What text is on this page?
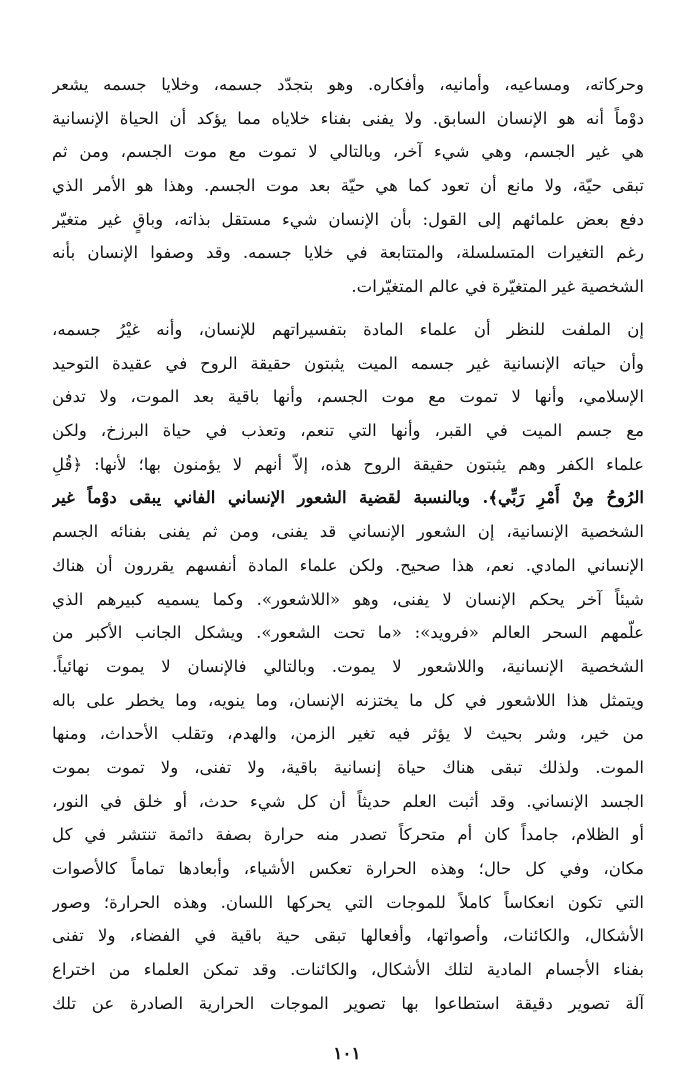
وحركاته، ومساعيه، وأمانيه، وأفكاره. وهو بتجدّد جسمه، وخلايا جسمه يشعر
دوْماً أنه هو الإنسان السابق. ولا يفنى بفناء خلاياه مما يؤكد أن الحياة الإنسانية
هي غير الجسم، وهي شيء آخر، وبالتالي لا تموت مع موت الجسم، ومن ثم
تبقى حيّة، ولا مانع أن تعود كما هي حيّة بعد موت الجسم. وهذا هو الأمر الذي
دفع بعض علمائهم إلى القول: بأن الإنسان شيء مستقل بذاته، وباقٍ غير متغيّر
رغم التغيرات المتسلسلة، والمتتابعة في خلايا جسمه. وقد وصفوا الإنسان بأنه
الشخصية غير المتغيّرة في عالم المتغيّرات.
إن الملفت للنظر أن علماء المادة بتفسيراتهم للإنسان، وأنه غيْرُ جسمه،
وأن حياته الإنسانية غير جسمه الميت يثبتون حقيقة الروح في عقيدة التوحيد
الإسلامي، وأنها لا تموت مع موت الجسم، وأنها باقية بعد الموت، ولا تدفن
مع جسم الميت في القبر، وأنها التي تنعم، وتعذب في حياة البرزخ، ولكن
علماء الكفر وهم يثبتون حقيقة الروح هذه، إلاّ أنهم لا يؤمنون بها؛ لأنها: ﴿قُلِ
الرُوحُ مِنْ أَمْرِ رَبِّي﴾. وبالنسبة لقضية الشعور الإنساني الفاني يبقى دوْماً غير
الشخصية الإنسانية، إن الشعور الإنساني قد يفنى، ومن ثم يفنى بفنائه الجسم
الإنساني المادي. نعم، هذا صحيح. ولكن علماء المادة أنفسهم يقررون أن هناك
شيئاً آخر يحكم الإنسان لا يفنى، وهو «اللاشعور». وكما يسميه كبيرهم الذي
علّمهم السحر العالم «فرويد»: «ما تحت الشعور». ويشكل الجانب الأكبر من
الشخصية الإنسانية، واللاشعور لا يموت. وبالتالي فالإنسان لا يموت نهائياً.
ويتمثل هذا اللاشعور في كل ما يختزنه الإنسان، وما ينويه، وما يخطر على باله
من خير، وشر بحيث لا يؤثر فيه تغير الزمن، والهدم، وتقلب الأحداث، ومنها
الموت. ولذلك تبقى هناك حياة إنسانية باقية، ولا تفنى، ولا تموت بموت
الجسد الإنساني. وقد أثبت العلم حديثاً أن كل شيء حدث، أو خلق في النور،
أو الظلام، جامداً كان أم متحركاً تصدر منه حرارة بصفة دائمة تنتشر في كل
مكان، وفي كل حال؛ وهذه الحرارة تعكس الأشياء، وأبعادها تماماً كالأصوات
التي تكون انعكاساً كاملاً للموجات التي يحركها اللسان. وهذه الحرارة؛ وصور
الأشكال، والكائنات، وأصواتها، وأفعالها تبقى حية باقية في الفضاء، ولا تفنى
بفناء الأجسام المادية لتلك الأشكال، والكائنات. وقد تمكن العلماء من اختراع
آلة تصوير دقيقة استطاعوا بها تصوير الموجات الحرارية الصادرة عن تلك
١٠١
